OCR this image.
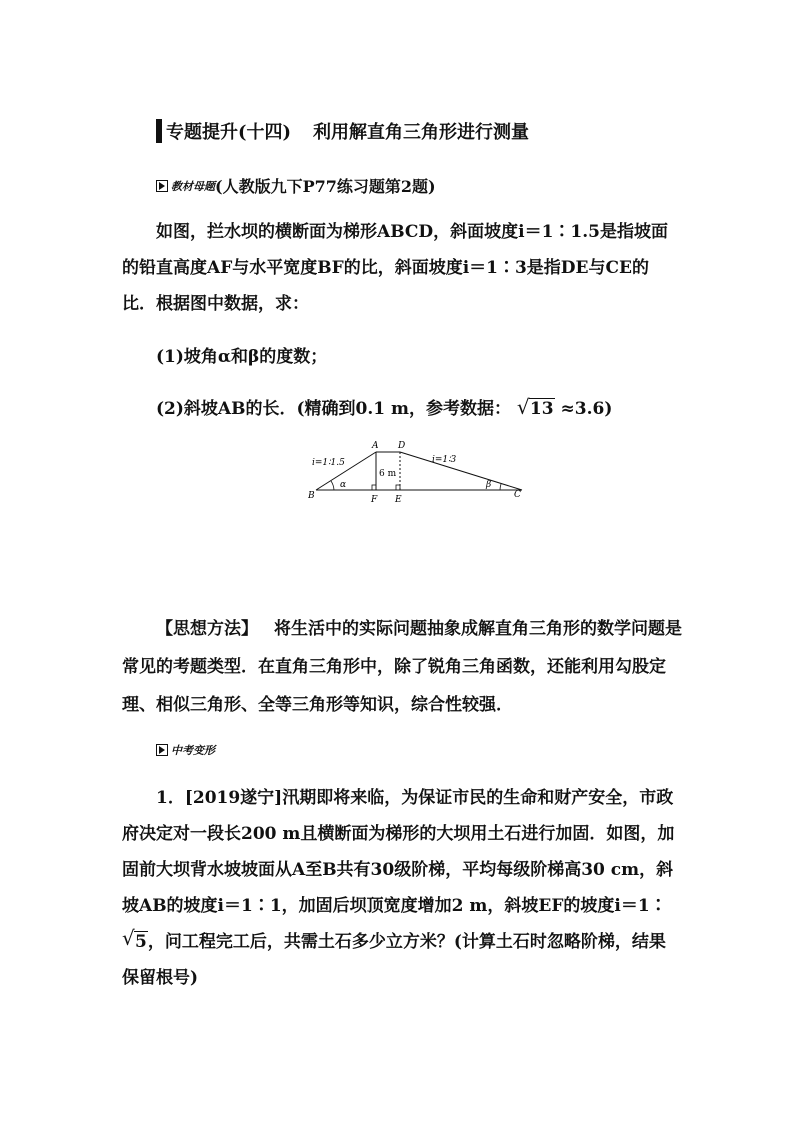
专题提升(十四) 利用解直角三角形进行测量
教材母题 (人教版九下P77练习题第2题)
如图，拦水坝的横断面为梯形ABCD，斜面坡度i＝1∶1.5是指坡面的铅直高度AF与水平宽度BF的比，斜面坡度i＝1∶3是指DE与CE的比．根据图中数据，求：
(1)坡角α和β的度数；
(2)斜坡AB的长．(精确到0.1 m，参考数据： √ 13 ≈3.6)
i=1∶1.5	i=1∶3
6 m
A D
B	F E	C
α	β
【思想方法】 将生活中的实际问题抽象成解直角三角形的数学问题是常见的考题类型．在直角三角形中，除了锐角三角函数，还能利用勾股定理、相似三角形、全等三角形等知识，综合性较强．
中考变形
1．[2019遂宁]汛期即将来临，为保证市民的生命和财产安全，市政府决定对一段长200 m且横断面为梯形的大坝用土石进行加固．如图，加固前大坝背水坡坡面从A至B共有30级阶梯，平均每级阶梯高30 cm，斜坡AB的坡度i＝1∶1，加固后坝顶宽度增加2 m，斜坡EF的坡度i＝1∶
√ 5，问工程完工后，共需土石多少立方米？(计算土石时忽略阶梯，结果保留根号)
